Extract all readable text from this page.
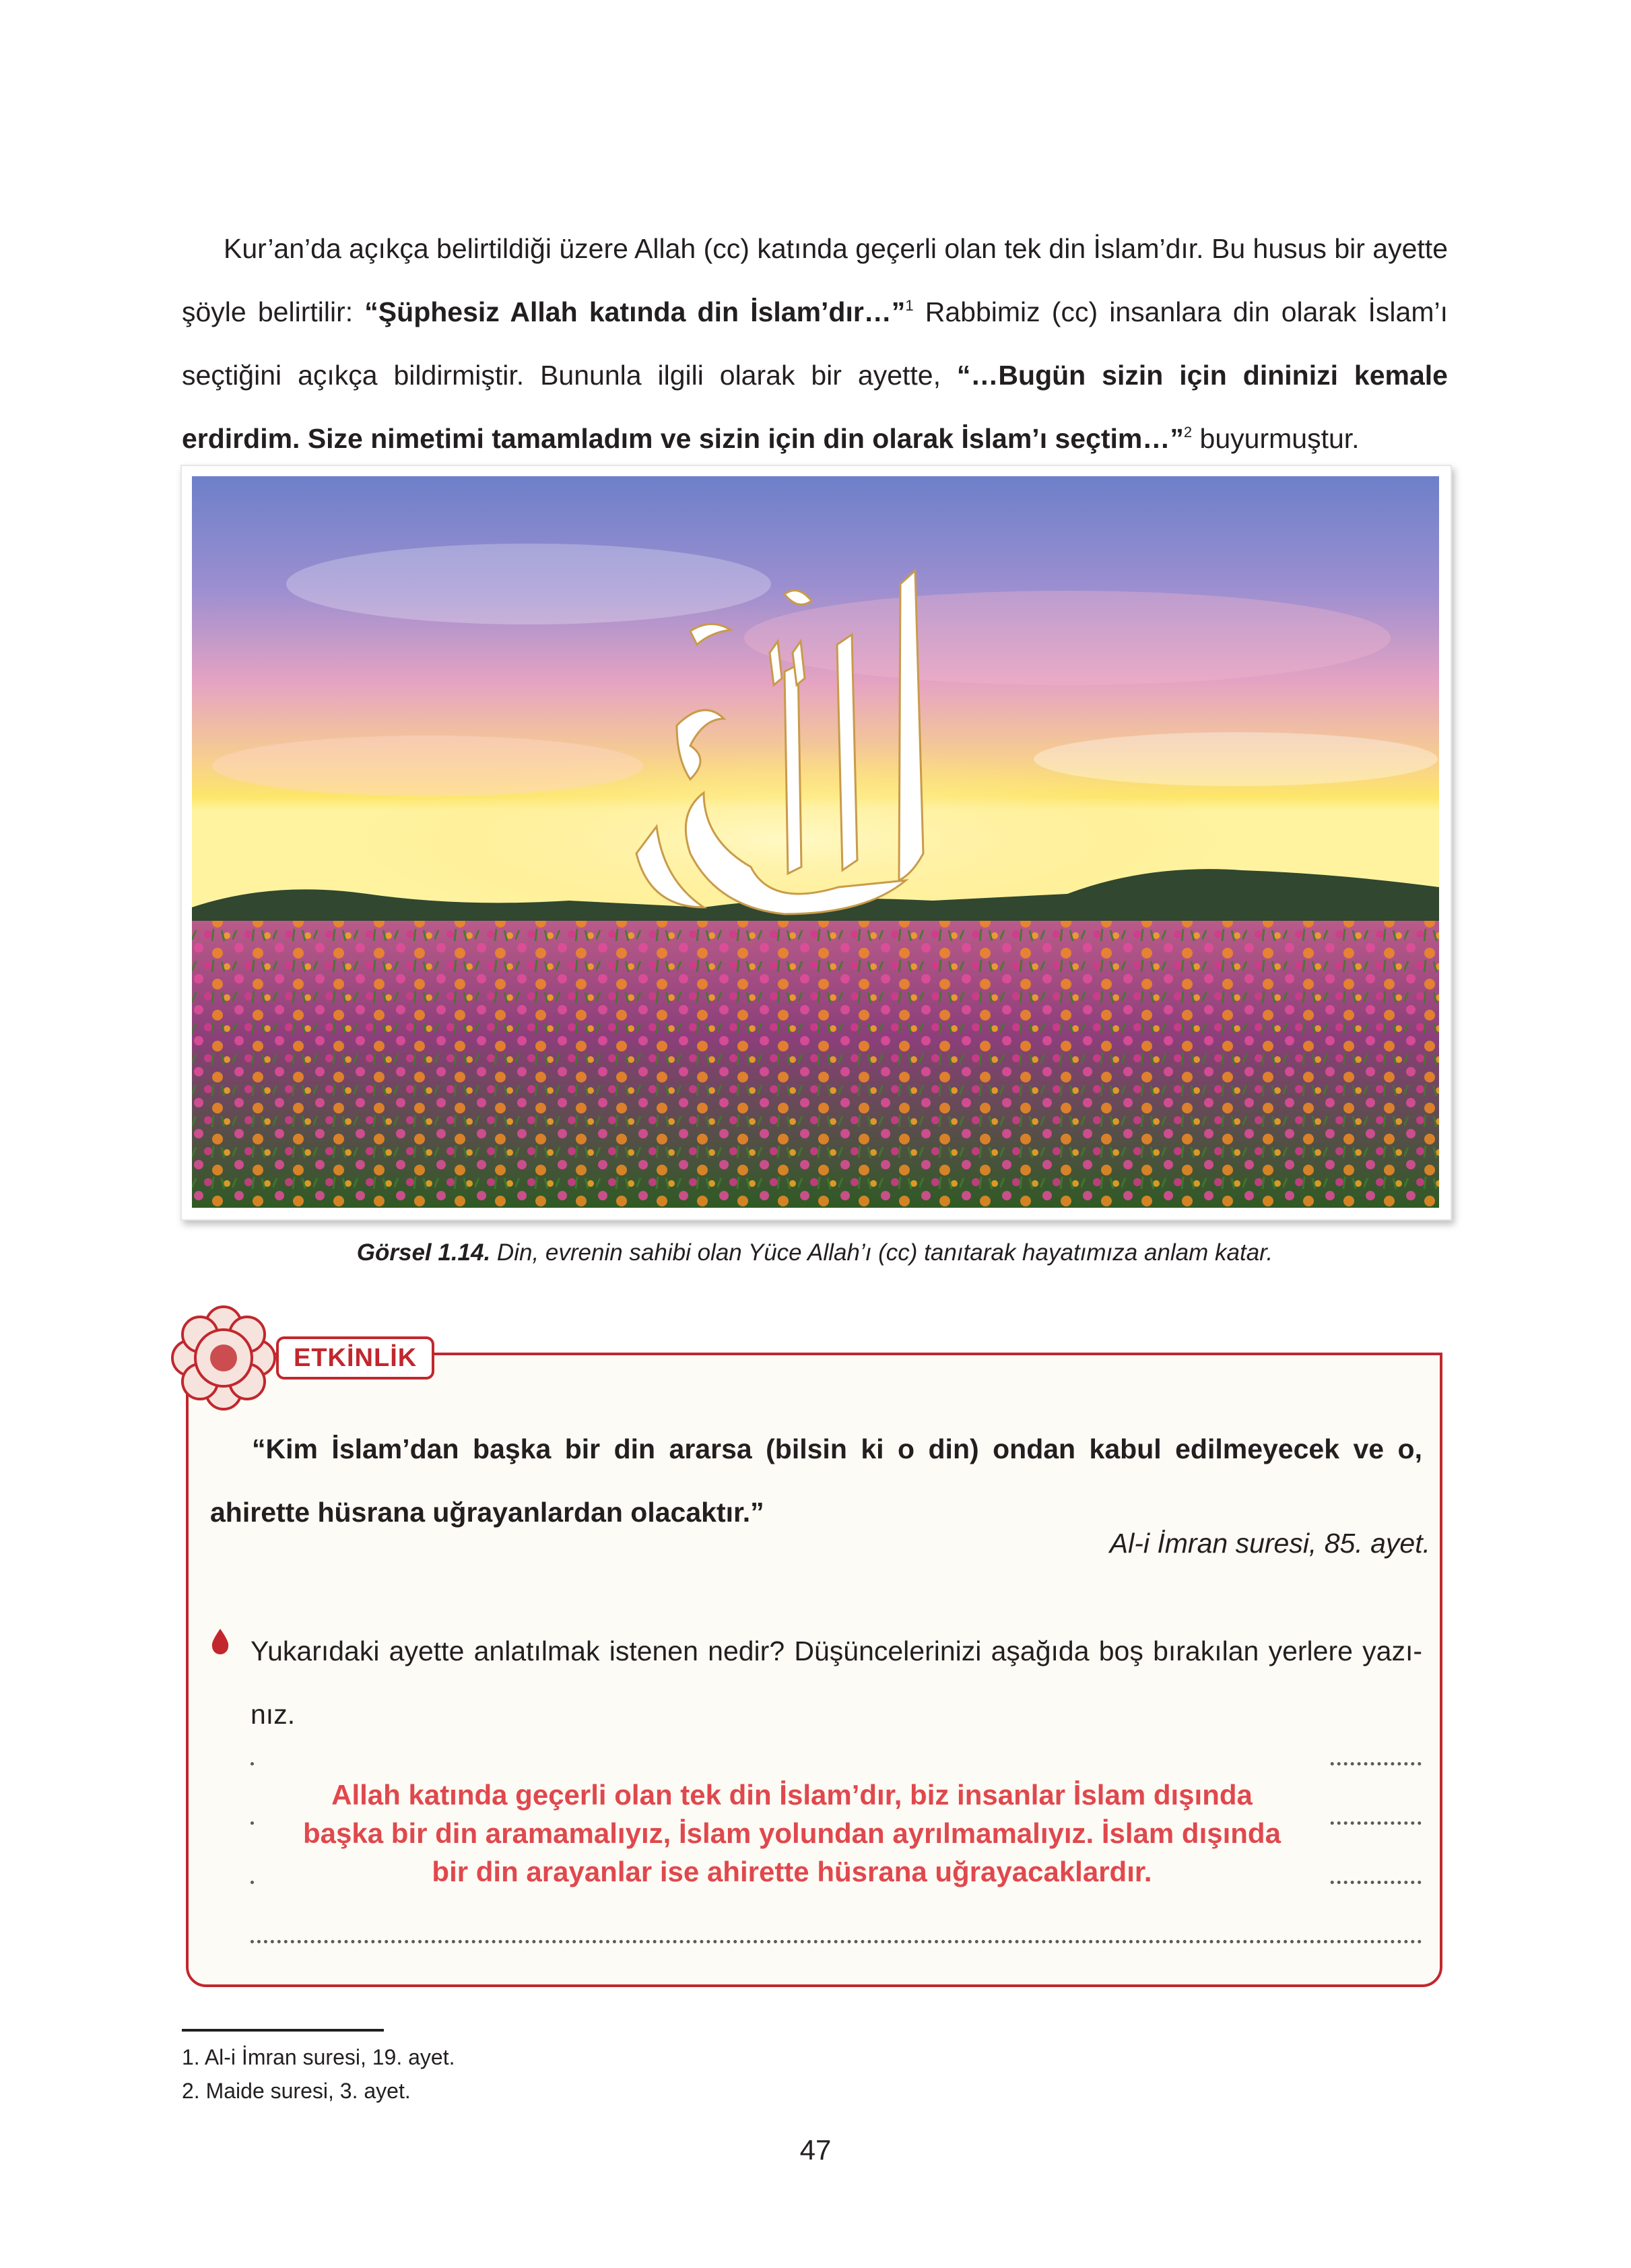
Kur’an’da açıkça belirtildiği üzere Allah (cc) katında geçerli olan tek din İslam’dır. Bu husus bir ayette şöyle belirtilir: “Şüphesiz Allah katında din İslam’dır…”$^1$ Rabbimiz (cc) insanlara din olarak İslam’ı seçtiğini açıkça bildirmiştir. Bununla ilgili olarak bir ayette, “…Bugün sizin için dininizi kemale erdirdim. Size nimetimi tamamladım ve sizin için din olarak İslam’ı seçtim…”$^2$ buyurmuştur.

Görsel 1.14. Din, evrenin sahibi olan Yüce Allah’ı (cc) tanıtarak hayatımıza anlam katar.

ETKİNLİK

“Kim İslam’dan başka bir din ararsa (bilsin ki o din) ondan kabul edilmeyecek ve o, ahirette hüsrana uğrayanlardan olacaktır.”

Al-i İmran suresi, 85. ayet.

Yukarıdaki ayette anlatılmak istenen nedir? Düşüncelerinizi aşağıda boş bırakılan yerlere yazınız.

Allah katında geçerli olan tek din İslam’dır, biz insanlar İslam dışında
başka bir din aramamalıyız, İslam yolundan ayrılmamalıyız. İslam dışında
bir din arayanlar ise ahirette hüsrana uğrayacaklardır.

1. Al-i İmran suresi, 19. ayet.

2. Maide suresi, 3. ayet.

47
